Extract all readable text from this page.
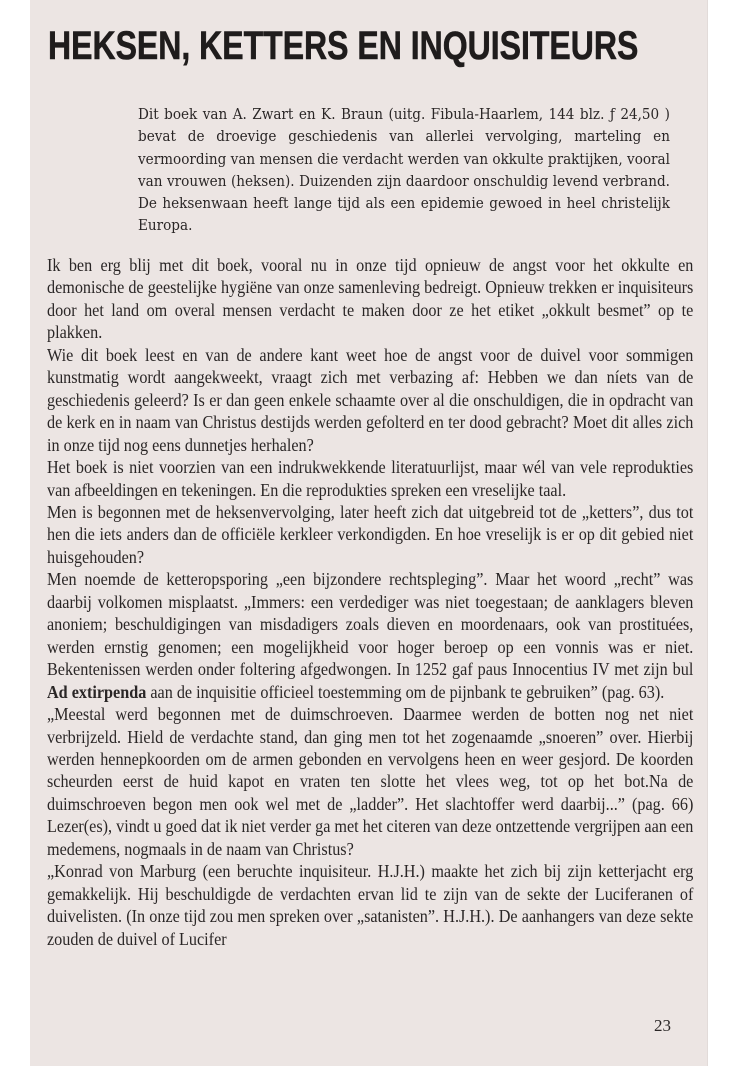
HEKSEN, KETTERS EN INQUISITEURS

Dit boek van A. Zwart en K. Braun (uitg. Fibula-Haarlem, 144 blz. ƒ 24,50 ) bevat de droevige geschiedenis van allerlei vervolging, marteling en vermoording van mensen die verdacht werden van okkulte praktijken, vooral van vrouwen (heksen). Duizenden zijn daardoor onschuldig levend verbrand. De heksenwaan heeft lange tijd als een epidemie gewoed in heel christelijk Europa.

Ik ben erg blij met dit boek, vooral nu in onze tijd opnieuw de angst voor het okkulte en demonische de geestelijke hygiëne van onze samenleving bedreigt. Opnieuw trekken er inquisiteurs door het land om overal mensen verdacht te maken door ze het etiket „okkult besmet” op te plakken.

Wie dit boek leest en van de andere kant weet hoe de angst voor de duivel voor sommigen kunstmatig wordt aangekweekt, vraagt zich met verbazing af: Hebben we dan níets van de geschiedenis geleerd? Is er dan geen enkele schaamte over al die onschuldigen, die in opdracht van de kerk en in naam van Christus destijds werden gefolterd en ter dood gebracht? Moet dit alles zich in onze tijd nog eens dunnetjes herhalen?

Het boek is niet voorzien van een indrukwekkende literatuurlijst, maar wél van vele reprodukties van afbeeldingen en tekeningen. En die reprodukties spreken een vreselijke taal.

Men is begonnen met de heksenvervolging, later heeft zich dat uitgebreid tot de „ketters”, dus tot hen die iets anders dan de officiële kerkleer verkondigden. En hoe vreselijk is er op dit gebied niet huisgehouden?

Men noemde de ketteropsporing „een bijzondere rechtspleging”. Maar het woord „recht” was daarbij volkomen misplaatst. „Immers: een verdediger was niet toegestaan; de aanklagers bleven anoniem; beschuldigingen van misdadigers zoals dieven en moordenaars, ook van prostituées, werden ernstig genomen; een mogelijkheid voor hoger beroep op een vonnis was er niet. Bekentenissen werden onder foltering afgedwongen. In 1252 gaf paus Innocentius IV met zijn bul Ad extirpenda aan de inquisitie officieel toestemming om de pijnbank te gebruiken” (pag. 63).

„Meestal werd begonnen met de duimschroeven. Daarmee werden de botten nog net niet verbrijzeld. Hield de verdachte stand, dan ging men tot het zogenaamde „snoeren” over. Hierbij werden hennepkoorden om de armen gebonden en vervolgens heen en weer gesjord. De koorden scheurden eerst de huid kapot en vraten ten slotte het vlees weg, tot op het bot.Na de duimschroeven begon men ook wel met de „ladder”. Het slachtoffer werd daarbij...” (pag. 66) Lezer(es), vindt u goed dat ik niet verder ga met het citeren van deze ontzettende vergrijpen aan een medemens, nogmaals in de naam van Christus?

„Konrad von Marburg (een beruchte inquisiteur. H.J.H.) maakte het zich bij zijn ketterjacht erg gemakkelijk. Hij beschuldigde de verdachten ervan lid te zijn van de sekte der Luciferanen of duivelisten. (In onze tijd zou men spreken over „satanisten”. H.J.H.). De aanhangers van deze sekte zouden de duivel of Lucifer

23
